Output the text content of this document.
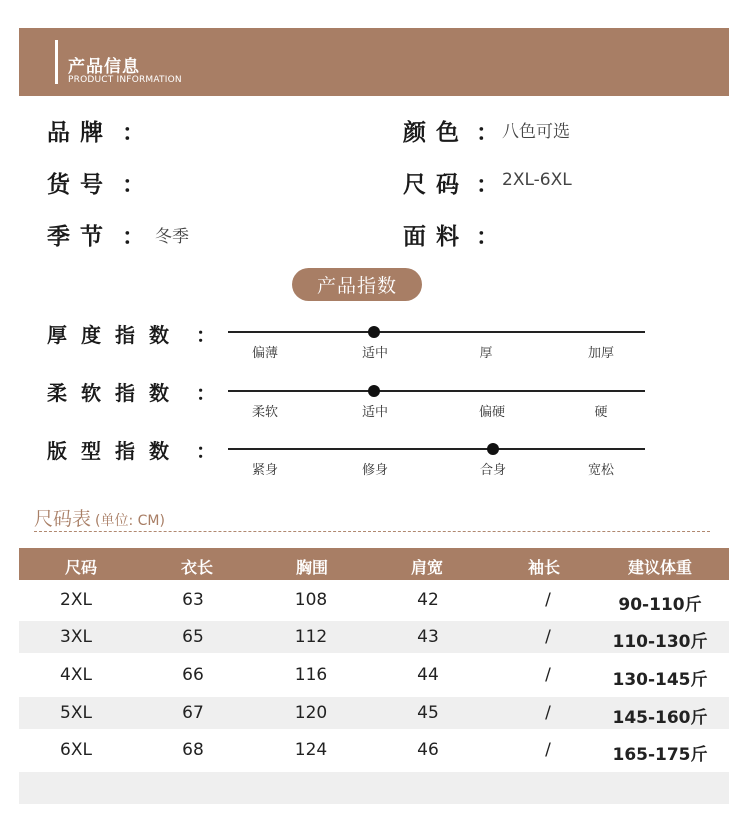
产品信息
PRODUCT INFORMATION
品牌 ：	颜色 ： 八色可选
货号 ：	尺码 ： 2XL-6XL
季节 ： 冬季	面料 ：
产品指数
厚度指数 ：
偏薄	适中	厚	加厚
柔软指数 ：
柔软	适中	偏硬	硬
版型指数 ：
紧身	修身	合身	宽松
尺码表 (单位: CM)
尺码	衣长	胸围	肩宽	袖长	建议体重
2XL	63	108	42	/	90-110斤
3XL	65	112	43	/	110-130斤
4XL	66	116	44	/	130-145斤
5XL	67	120	45	/	145-160斤
6XL	68	124	46	/	165-175斤
